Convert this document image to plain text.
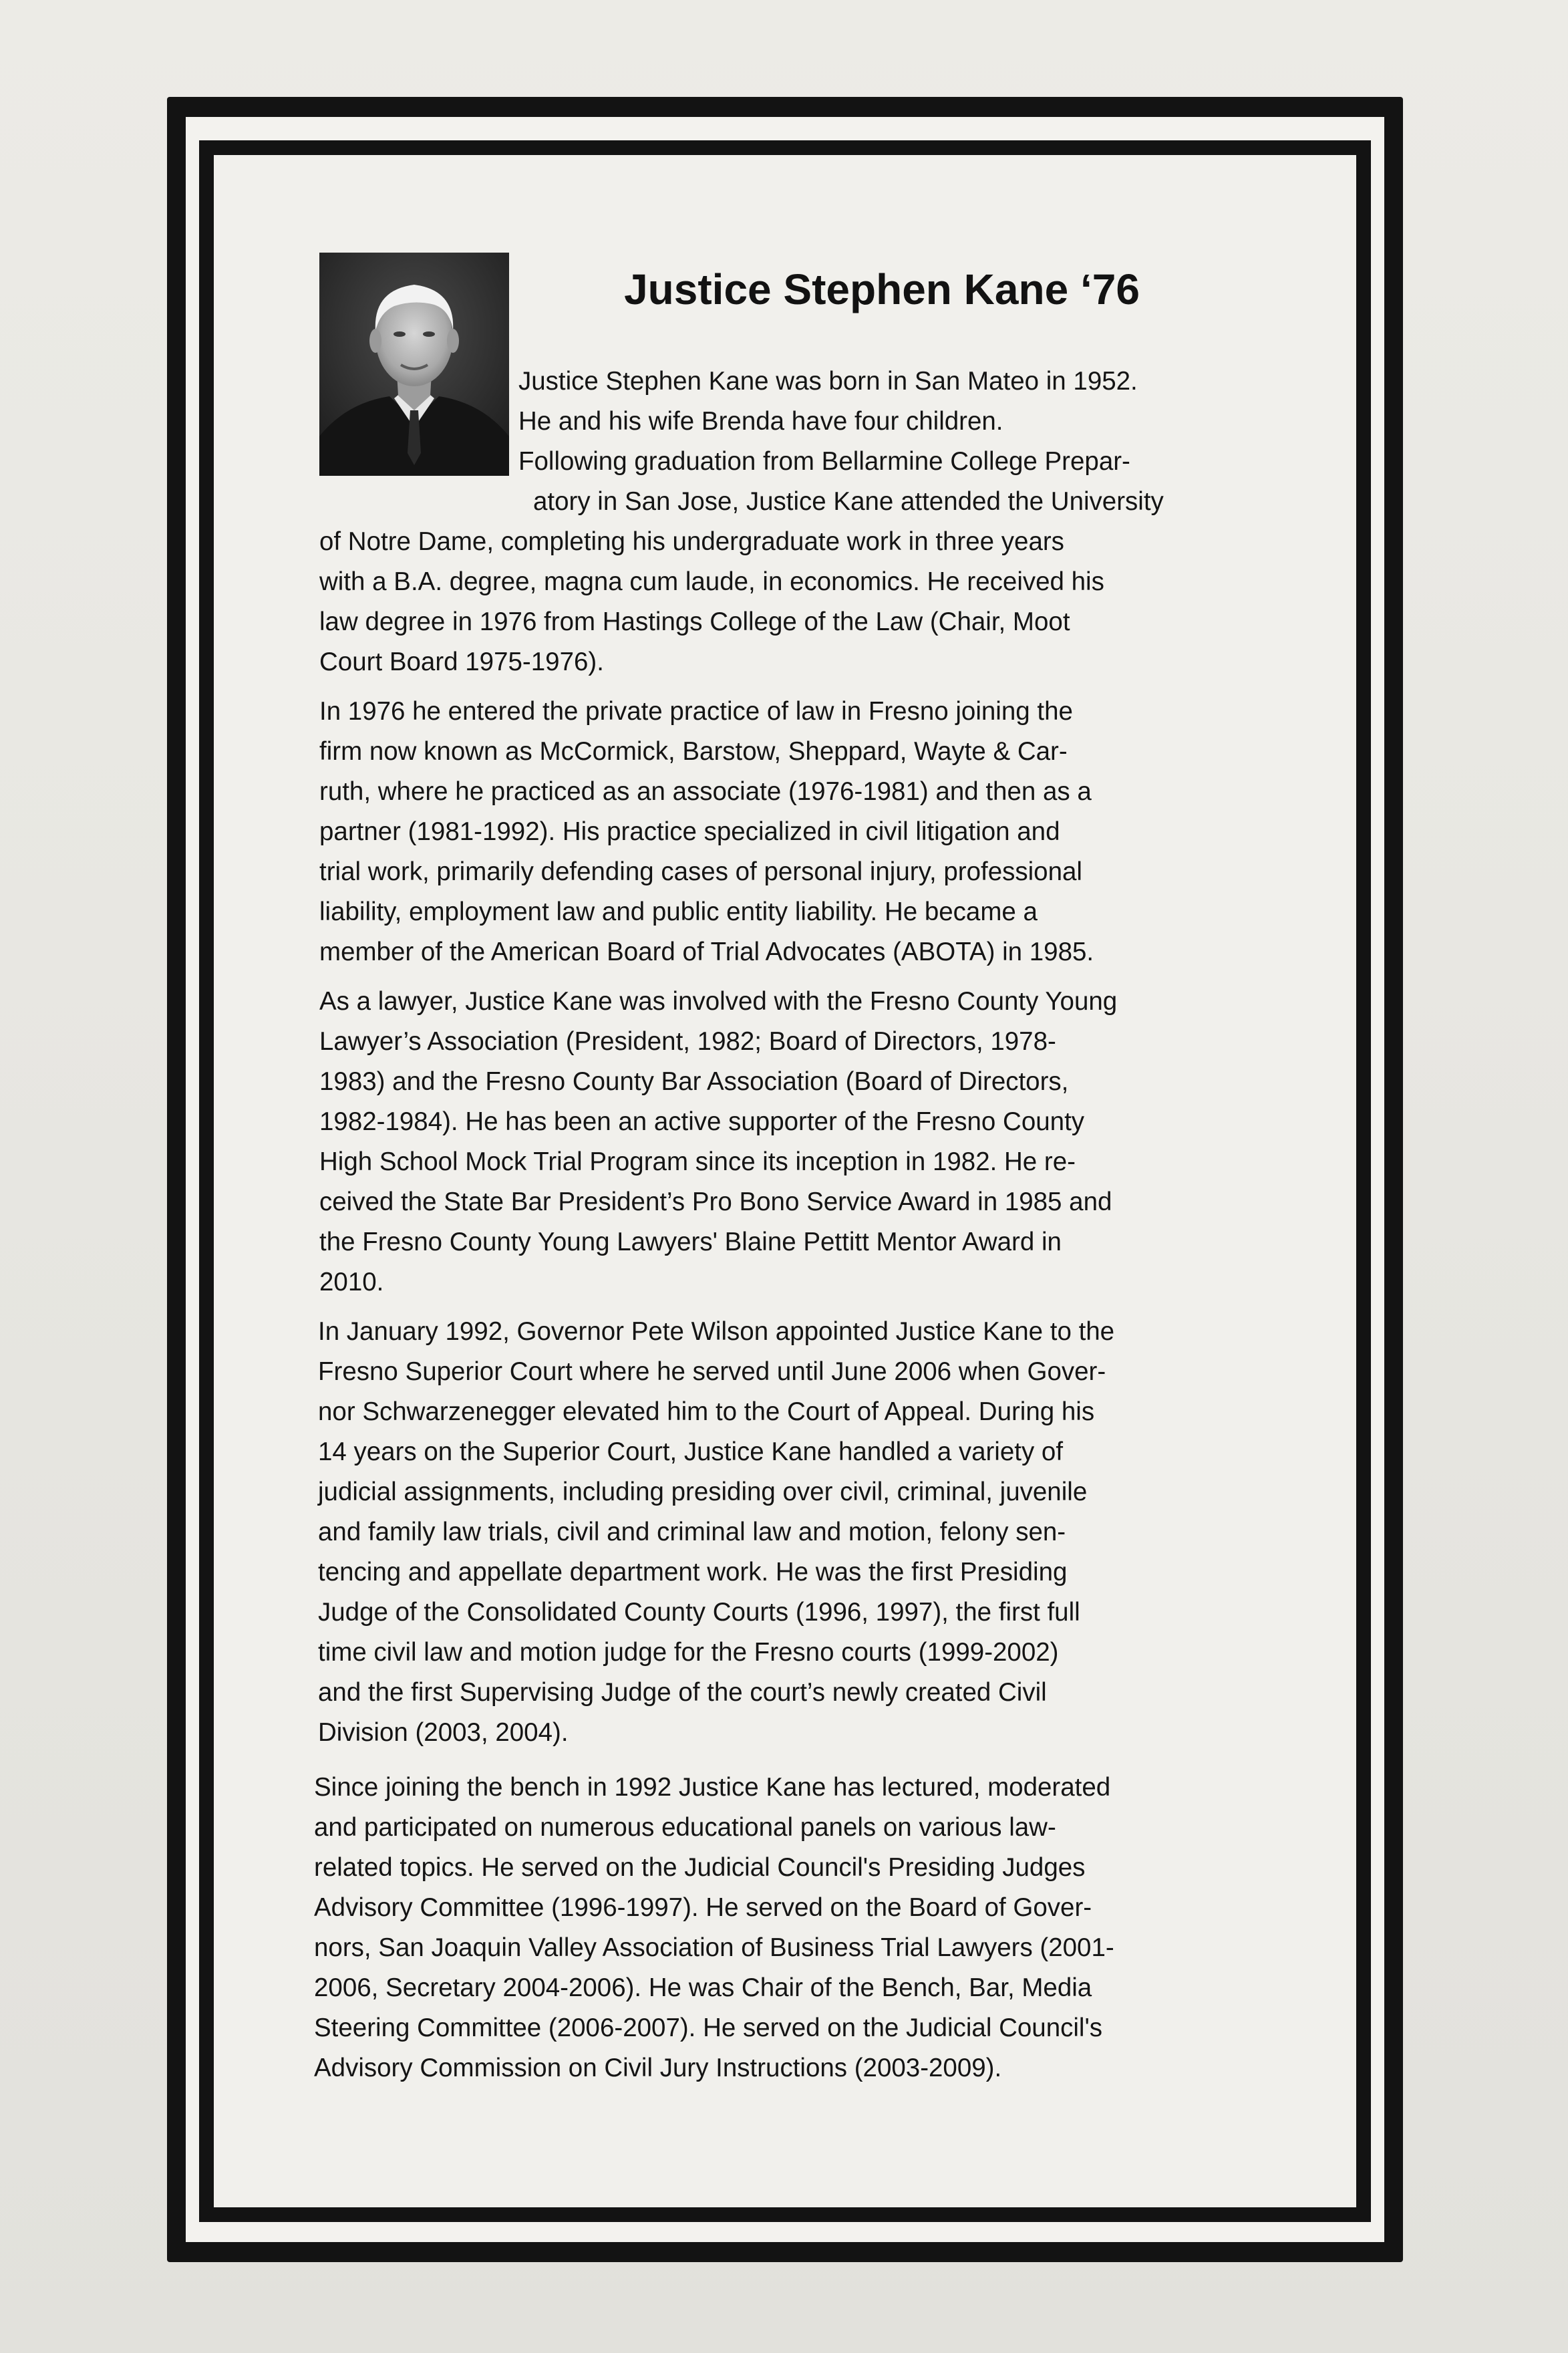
Justice Stephen Kane ‘76
Justice Stephen Kane was born in San Mateo in 1952.
He and his wife Brenda have four children.
Following graduation from Bellarmine College Prepar-
atory in San Jose, Justice Kane attended the University
of Notre Dame, completing his undergraduate work in three years
with a B.A. degree, magna cum laude, in economics. He received his
law degree in 1976 from Hastings College of the Law (Chair, Moot
Court Board 1975-1976).
In 1976 he entered the private practice of law in Fresno joining the
firm now known as McCormick, Barstow, Sheppard, Wayte & Car-
ruth, where he practiced as an associate (1976-1981) and then as a
partner (1981-1992). His practice specialized in civil litigation and
trial work, primarily defending cases of personal injury, professional
liability, employment law and public entity liability. He became a
member of the American Board of Trial Advocates (ABOTA) in 1985.
As a lawyer, Justice Kane was involved with the Fresno County Young
Lawyer’s Association (President, 1982; Board of Directors, 1978-
1983) and the Fresno County Bar Association (Board of Directors,
1982-1984). He has been an active supporter of the Fresno County
High School Mock Trial Program since its inception in 1982. He re-
ceived the State Bar President’s Pro Bono Service Award in 1985 and
the Fresno County Young Lawyers' Blaine Pettitt Mentor Award in
2010.
In January 1992, Governor Pete Wilson appointed Justice Kane to the
Fresno Superior Court where he served until June 2006 when Gover-
nor Schwarzenegger elevated him to the Court of Appeal. During his
14 years on the Superior Court, Justice Kane handled a variety of
judicial assignments, including presiding over civil, criminal, juvenile
and family law trials, civil and criminal law and motion, felony sen-
tencing and appellate department work. He was the first Presiding
Judge of the Consolidated County Courts (1996, 1997), the first full
time civil law and motion judge for the Fresno courts (1999-2002)
and the first Supervising Judge of the court’s newly created Civil
Division (2003, 2004).
Since joining the bench in 1992 Justice Kane has lectured, moderated
and participated on numerous educational panels on various law-
related topics. He served on the Judicial Council's Presiding Judges
Advisory Committee (1996-1997). He served on the Board of Gover-
nors, San Joaquin Valley Association of Business Trial Lawyers (2001-
2006, Secretary 2004-2006). He was Chair of the Bench, Bar, Media
Steering Committee (2006-2007). He served on the Judicial Council's
Advisory Commission on Civil Jury Instructions (2003-2009).
